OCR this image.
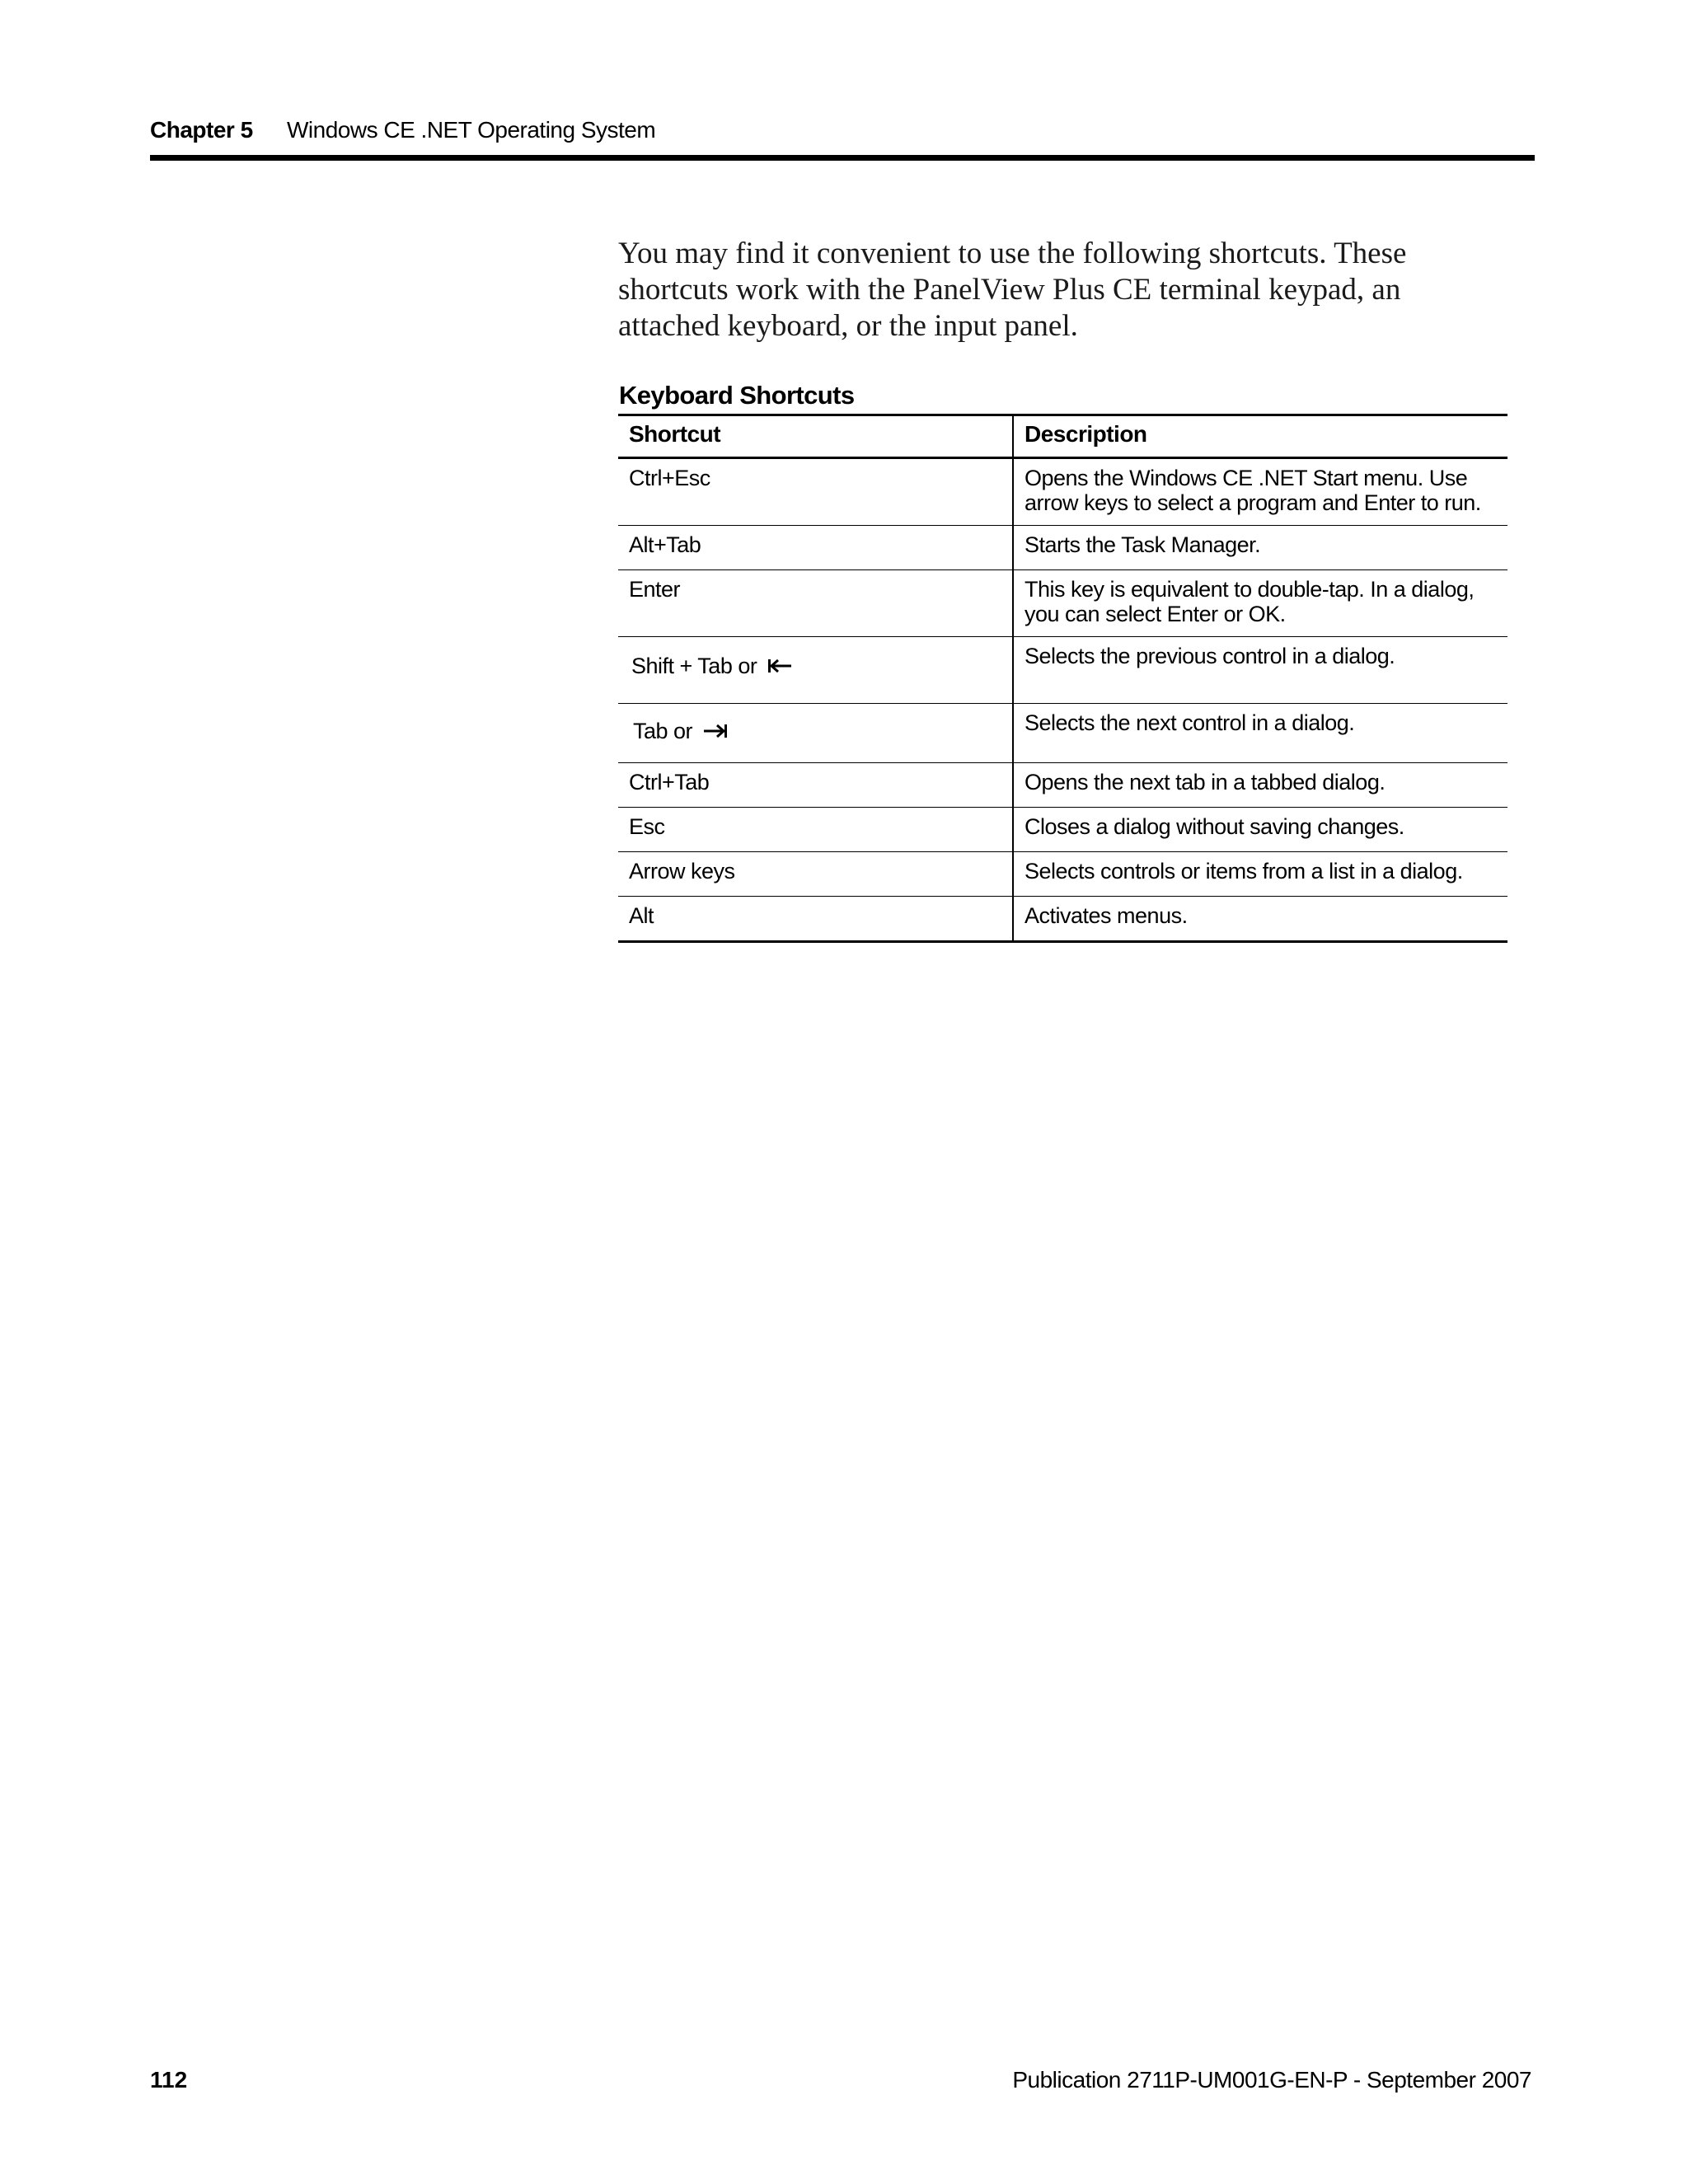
Chapter 5 Windows CE .NET Operating System

You may find it convenient to use the following shortcuts. These shortcuts work with the PanelView Plus CE terminal keypad, an attached keyboard, or the input panel.

Keyboard Shortcuts
Shortcut	Description
Ctrl+Esc	Opens the Windows CE .NET Start menu. Use arrow keys to select a program and Enter to run.
Alt+Tab	Starts the Task Manager.
Enter	This key is equivalent to double-tap. In a dialog, you can select Enter or OK.

Shift + Tab or	Selects the previous control in a dialog.

Tab or	Selects the next control in a dialog.
Ctrl+Tab	Opens the next tab in a tabbed dialog.
Esc	Closes a dialog without saving changes.
Arrow keys	Selects controls or items from a list in a dialog.
Alt	Activates menus.
112	Publication 2711P-UM001G-EN-P - September 2007
